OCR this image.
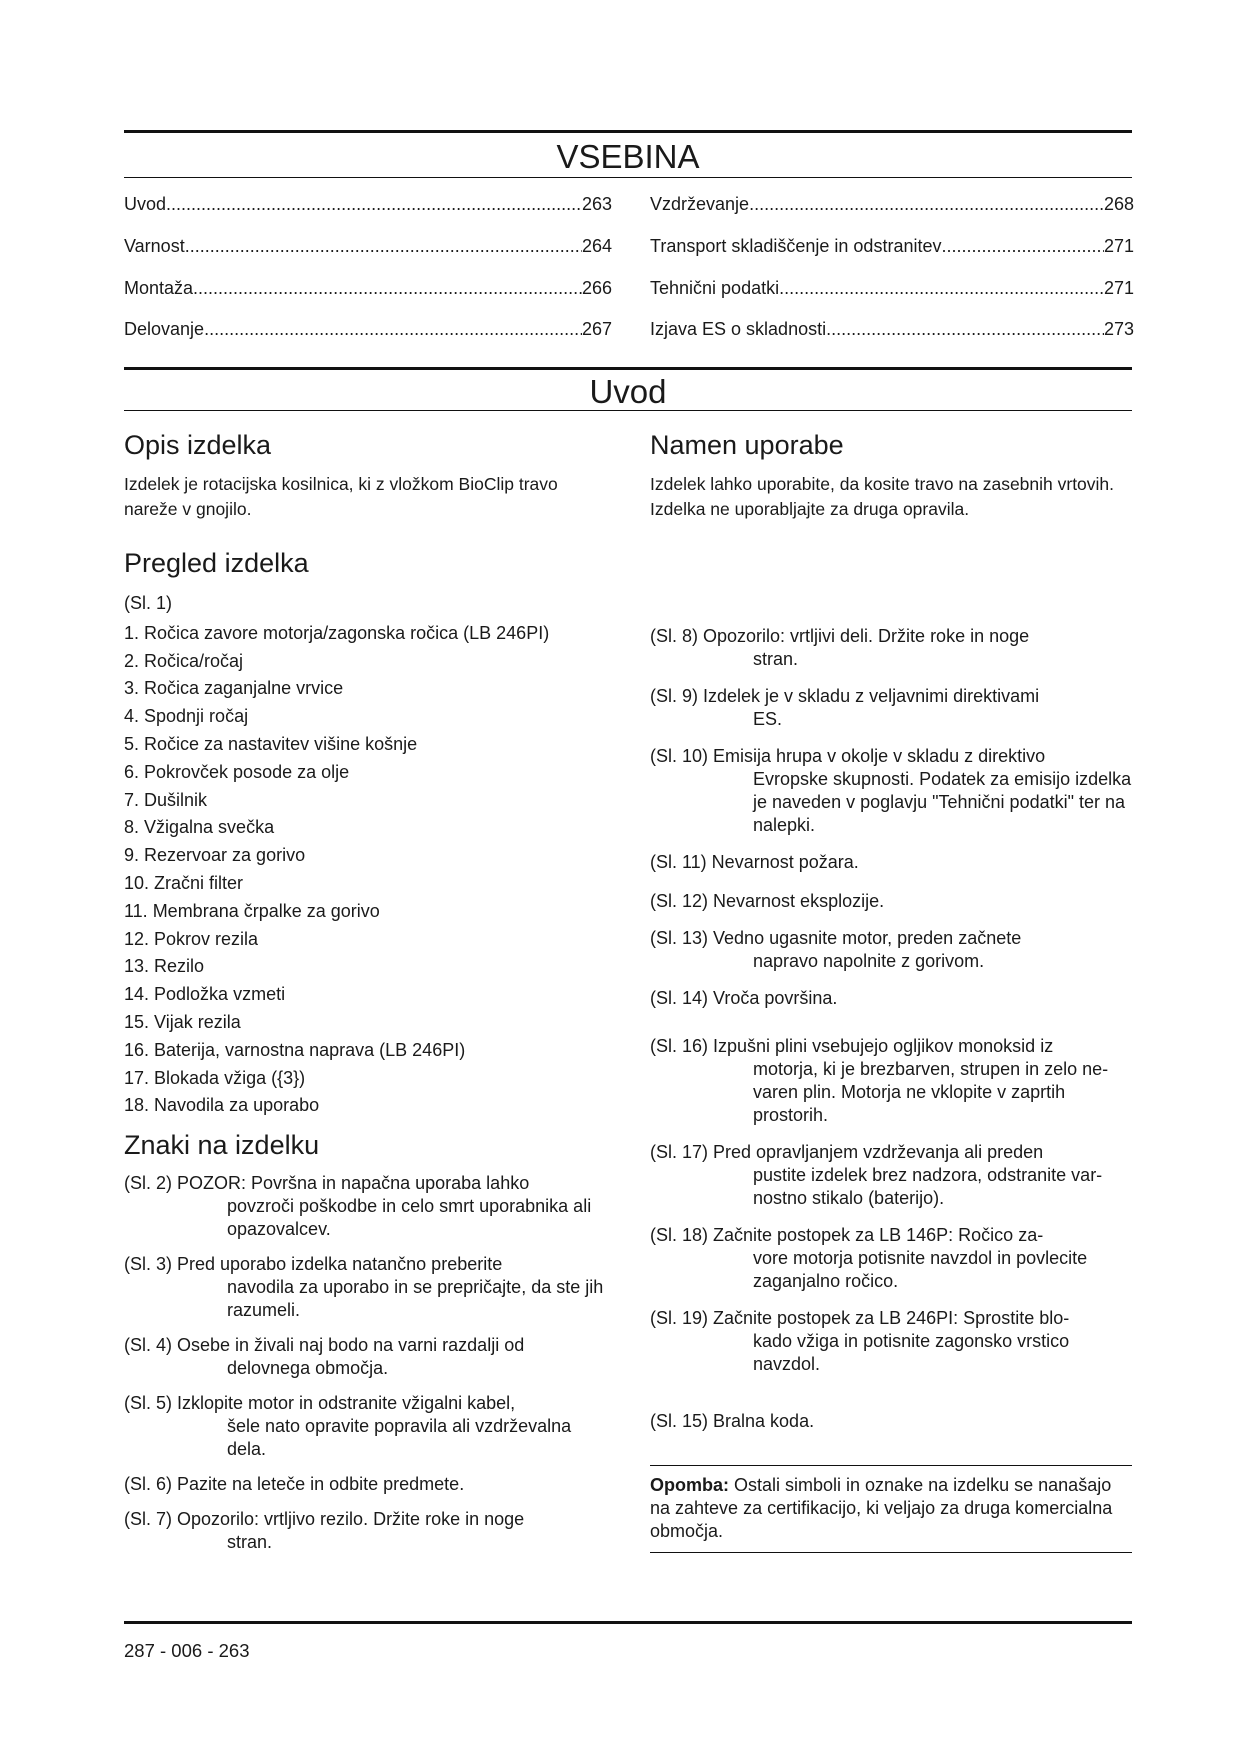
VSEBINA
Uvod .....	263
Varnost .....	264
Montaža .....	266
Delovanje .....	267
Vzdrževanje .....	268
Transport skladiščenje in odstranitev .....	271
Tehnični podatki .....	271
Izjava ES o skladnosti .....	273
Uvod
Opis izdelka

Izdelek je rotacijska kosilnica, ki z vložkom BioClip travo nareže v gnojilo.

Pregled izdelka
(Sl. 1)
1. Ročica zavore motorja/zagonska ročica (LB 246PI)
2. Ročica/ročaj
3. Ročica zaganjalne vrvice
4. Spodnji ročaj
5. Ročice za nastavitev višine košnje
6. Pokrovček posode za olje
7. Dušilnik
8. Vžigalna svečka
9. Rezervoar za gorivo
10. Zračni filter
11. Membrana črpalke za gorivo
12. Pokrov rezila
13. Rezilo
14. Podložka vzmeti
15. Vijak rezila
16. Baterija, varnostna naprava (LB 246PI)
17. Blokada vžiga ({3})
18. Navodila za uporabo
Znaki na izdelku
(Sl. 2) POZOR: Površna in napačna uporaba lahko
povzroči poškodbe in celo smrt uporabnika ali opazovalcev.
(Sl. 3) Pred uporabo izdelka natančno preberite
navodila za uporabo in se prepričajte, da ste jih razumeli.
(Sl. 4) Osebe in živali naj bodo na varni razdalji od
delovnega območja.
(Sl. 5) Izklopite motor in odstranite vžigalni kabel,
šele nato opravite popravila ali vzdrževalna dela.
(Sl. 6) Pazite na leteče in odbite predmete.
(Sl. 7) Opozorilo: vrtljivo rezilo. Držite roke in noge
stran.
Namen uporabe

Izdelek lahko uporabite, da kosite travo na zasebnih vrtovih. Izdelka ne uporabljajte za druga opravila.

(Sl. 8) Opozorilo: vrtljivi deli. Držite roke in noge
stran.
(Sl. 9) Izdelek je v skladu z veljavnimi direktivami
ES.
(Sl. 10) Emisija hrupa v okolje v skladu z direktivo
Evropske skupnosti. Podatek za emisijo izdelka je naveden v poglavju "Tehnični podatki" ter na nalepki.
(Sl. 11) Nevarnost požara.
(Sl. 12) Nevarnost eksplozije.
(Sl. 13) Vedno ugasnite motor, preden začnete
napravo napolnite z gorivom.
(Sl. 14) Vroča površina.
(Sl. 16) Izpušni plini vsebujejo ogljikov monoksid iz
motorja, ki je brezbarven, strupen in zelo ne-varen plin. Motorja ne vklopite v zaprtih prostorih.
(Sl. 17) Pred opravljanjem vzdrževanja ali preden
pustite izdelek brez nadzora, odstranite var-nostno stikalo (baterijo).
(Sl. 18) Začnite postopek za LB 146P: Ročico za-
vore motorja potisnite navzdol in povlecite zaganjalno ročico.
(Sl. 19) Začnite postopek za LB 246PI: Sprostite blo-
kado vžiga in potisnite zagonsko vrstico navzdol.
(Sl. 15) Bralna koda.
Opomba: Ostali simboli in oznake na izdelku se nanašajo na zahteve za certifikacijo, ki veljajo za druga komercialna območja.
287 - 006 - 263
